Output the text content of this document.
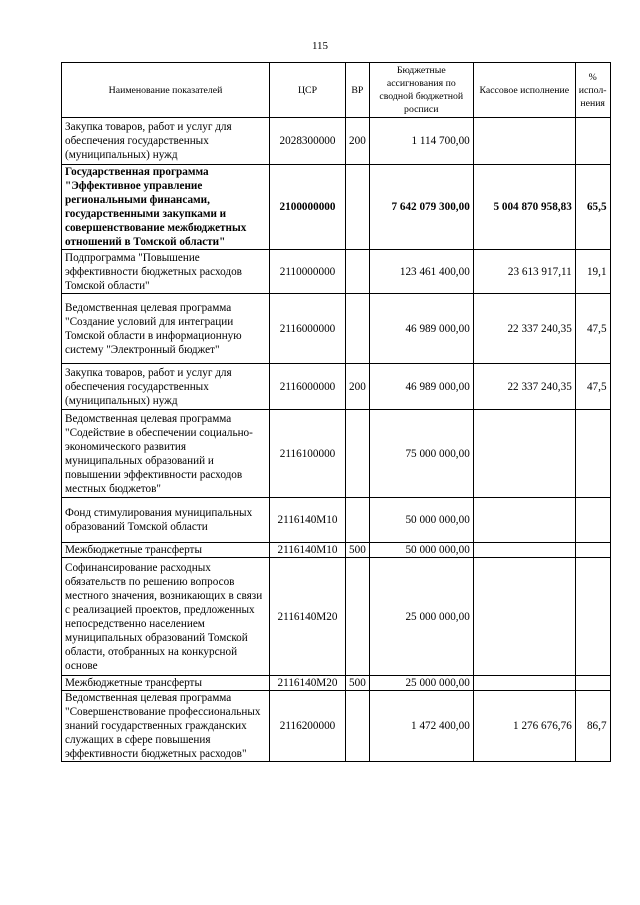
115
Наименование показателей	ЦСР	ВР	Бюджетные ассигнования по сводной бюджетной росписи	Кассовое исполнение	% испол-нения
Закупка товаров, работ и услуг для обеспечения государственных (муниципальных) нужд	2028300000	200	1 114 700,00		
Государственная программа "Эффективное управление региональными финансами, государственными закупками и совершенствование межбюджетных отношений в Томской области"	2100000000		7 642 079 300,00	5 004 870 958,83	65,5
Подпрограмма "Повышение эффективности бюджетных расходов Томской области"	2110000000		123 461 400,00	23 613 917,11	19,1
Ведомственная целевая программа "Создание условий для интеграции Томской области в информационную систему "Электронный бюджет"	2116000000		46 989 000,00	22 337 240,35	47,5
Закупка товаров, работ и услуг для обеспечения государственных (муниципальных) нужд	2116000000	200	46 989 000,00	22 337 240,35	47,5
Ведомственная целевая программа "Содействие в обеспечении социально-экономического развития муниципальных образований и повышении эффективности расходов местных бюджетов"	2116100000		75 000 000,00		
Фонд стимулирования муниципальных образований Томской области	2116140M10		50 000 000,00		
Межбюджетные трансферты	2116140M10	500	50 000 000,00		
Софинансирование расходных обязательств по решению вопросов местного значения, возникающих в связи с реализацией проектов, предложенных непосредственно населением муниципальных образований Томской области, отобранных на конкурсной основе	2116140M20		25 000 000,00		
Межбюджетные трансферты	2116140M20	500	25 000 000,00		
Ведомственная целевая программа "Совершенствование профессиональных знаний государственных гражданских служащих в сфере повышения эффективности бюджетных расходов"	2116200000		1 472 400,00	1 276 676,76	86,7
